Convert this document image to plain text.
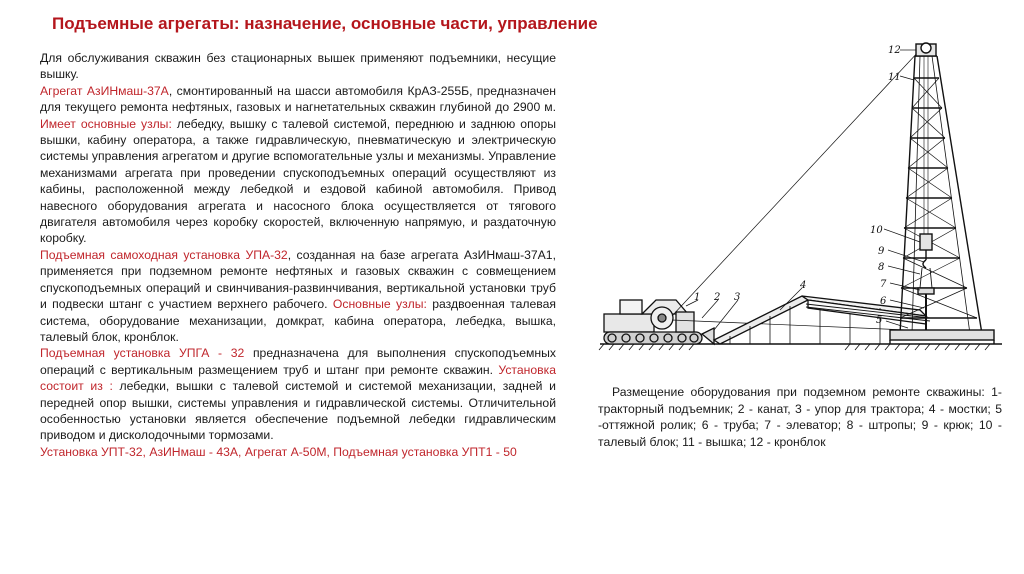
Подъемные агрегаты: назначение, основные части, управление

Для обслуживания скважин без стационарных вышек применяют подъемники, несущие вышку.

Агрегат АзИНмаш-37А, смонтированный на шасси автомобиля КрАЗ-255Б, предназначен для текущего ремонта нефтяных, газовых и нагнетательных скважин глубиной до 2900 м. Имеет основные узлы: лебедку, вышку с талевой системой, переднюю и заднюю опоры вышки, кабину оператора, а также гидравлическую, пневматическую и электрическую системы управления агрегатом и другие вспомогательные узлы и механизмы. Управление механизмами агрегата при проведении спускоподъемных операций осуществляют из кабины, расположенной между лебедкой и ездовой кабиной автомобиля. Привод навесного оборудования агрегата и насосного блока осуществляется от тягового двигателя автомобиля через коробку скоростей, включенную напрямую, и раздаточную коробку.

Подъемная самоходная установка УПА-32, созданная на базе агрегата АзИНмаш-37А1, применяется при подземном ремонте нефтяных и газовых скважин с совмещением спускоподъемных операций и свинчивания-развинчивания, вертикальной установки труб и подвески штанг с участием верхнего рабочего. Основные узлы: раздвоенная талевая система, оборудование механизации, домкрат, кабина оператора, лебедка, вышка, талевый блок, кронблок.

Подъемная установка УПГА - 32 предназначена для выполнения спускоподъемных операций с вертикальным размещением труб и штанг при ремонте скважин. Установка состоит из : лебедки, вышки с талевой системой и системой механизации, задней и передней опор вышки, системы управления и гидравлической системы. Отличительной особенностью установки является обеспечение подъемной лебедки гидравлическим приводом и дисколодочными тормозами.

Установка УПТ-32, АзИНмаш - 43А, Агрегат А-50М, Подъемная установка УПТ1 - 50

1 2 3
4
5
6
7
8
9
10
11
12

Размещение оборудования при подземном ремонте скважины: 1- тракторный подъемник; 2 - канат, 3 - упор для трактора; 4 - мостки; 5 -оттяжной ролик; 6 - труба; 7 - элеватор; 8 - штропы; 9 - крюк; 10 - талевый блок; 11 - вышка; 12 - кронблок
